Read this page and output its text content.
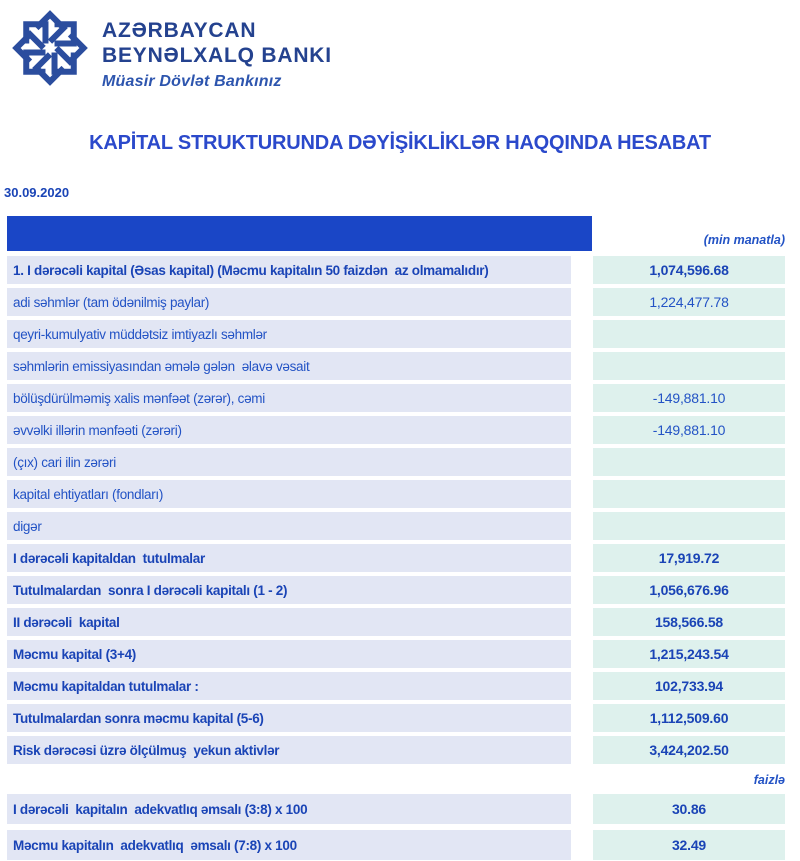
AZƏRBAYCAN
BEYNƏLXALQ BANKI
Müasir Dövlət Bankınız
KAPİTAL STRUKTURUNDA DƏYİŞİKLİKLƏR HAQQINDA HESABAT
30.09.2020
(min manatla)
1. I dərəcəli kapital (Əsas kapital) (Məcmu kapitalın 50 faizdən  az olmamalıdır)	1,074,596.68
adi səhmlər (tam ödənilmiş paylar)	1,224,477.78
qeyri-kumulyativ müddətsiz imtiyazlı səhmlər
səhmlərin emissiyasından əmələ gələn  əlavə vəsait
bölüşdürülməmiş xalis mənfəət (zərər), cəmi	-149,881.10
əvvəlki illərin mənfəəti (zərəri)	-149,881.10
(çıx) cari ilin zərəri
kapital ehtiyatları (fondları)
digər
I dərəcəli kapitaldan  tutulmalar	17,919.72
Tutulmalardan  sonra I dərəcəli kapitalı (1 - 2)	1,056,676.96
II dərəcəli  kapital	158,566.58
Məcmu kapital (3+4)	1,215,243.54
Məcmu kapitaldan tutulmalar :	102,733.94
Tutulmalardan sonra məcmu kapital (5-6)	1,112,509.60
Risk dərəcəsi üzrə ölçülmuş  yekun aktivlər	3,424,202.50
faizlə
I dərəcəli  kapitalın  adekvatlıq əmsalı (3:8) x 100	30.86
Məcmu kapitalın  adekvatlıq  əmsalı (7:8) x 100	32.49
